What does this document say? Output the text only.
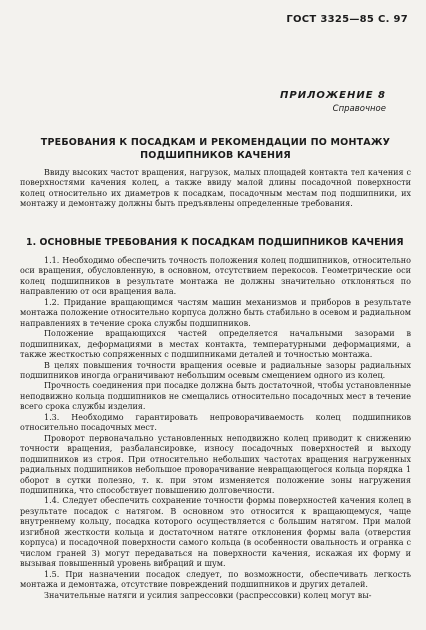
ГОСТ 3325—85 С. 97
ПРИЛОЖЕНИЕ 8
Справочное
ТРЕБОВАНИЯ К ПОСАДКАМ И РЕКОМЕНДАЦИИ ПО МОНТАЖУ
ПОДШИПНИКОВ КАЧЕНИЯ

Ввиду высоких частот вращения, нагрузок, малых площадей контакта тел качения с поверхностями качения колец, а также ввиду малой длины посадочной поверхности колец относительно их диаметров к посадкам, посадочным местам под подшипники, их монтажу и демонтажу должны быть предъявлены определенные требования.

1. ОСНОВНЫЕ ТРЕБОВАНИЯ К ПОСАДКАМ ПОДШИПНИКОВ КАЧЕНИЯ

1.1. Необходимо обеспечить точность положения колец подшипников, относительно оси вращения, обусловленную, в основном, отсутствием перекосов. Геометрические оси колец подшипников в результате монтажа не должны значительно отклоняться по направлению от оси вращения вала.

1.2. Придание вращающимся частям машин механизмов и приборов в результате монтажа положение относительно корпуса должно быть стабильно в осевом и радиальном направлениях в течение срока службы подшипников.

Положение вращающихся частей определяется начальными зазорами в подшипниках, деформациями в местах контакта, температурными деформациями, а также жесткостью сопряженных с подшипниками деталей и точностью монтажа.

В целях повышения точности вращения осевые и радиальные зазоры радиальных подшипников иногда ограничивают небольшим осевым смещением одного из колец.

Прочность соединения при посадке должна быть достаточной, чтобы установленные неподвижно кольца подшипников не смещались относительно посадочных мест в течение всего срока службы изделия.

1.3. Необходимо гарантировать непроворачиваемость колец подшипников относительно посадочных мест.

Проворот первоначально установленных неподвижно колец приводит к снижению точности вращения, разбалансировке, износу посадочных поверхностей и выходу подшипников из строя. При относительно небольших частотах вращения нагруженных радиальных подшипников небольшое проворачивание невращающегося кольца порядка 1 оборот в сутки полезно, т. к. при этом изменяется положение зоны нагружения подшипника, что способствует повышению долговечности.

1.4. Следует обеспечить сохранение точности формы поверхностей качения колец в результате посадок с натягом. В основном это относится к вращающемуся, чаще внутреннему кольцу, посадка которого осуществляется с большим натягом. При малой изгибной жесткости кольца и достаточном натяге отклонения формы вала (отверстия корпуса) и посадочной поверхности самого кольца (в особенности овальность и огранка с числом граней 3) могут передаваться на поверхности качения, искажая их форму и вызывая повышенный уровень вибраций и шум.

1.5. При назначении посадок следует, по возможности, обеспечивать легкость монтажа и демонтажа, отсутствие повреждений подшипников и других деталей.

Значительные натяги и усилия запрессовки (распрессовки) колец могут вы-
